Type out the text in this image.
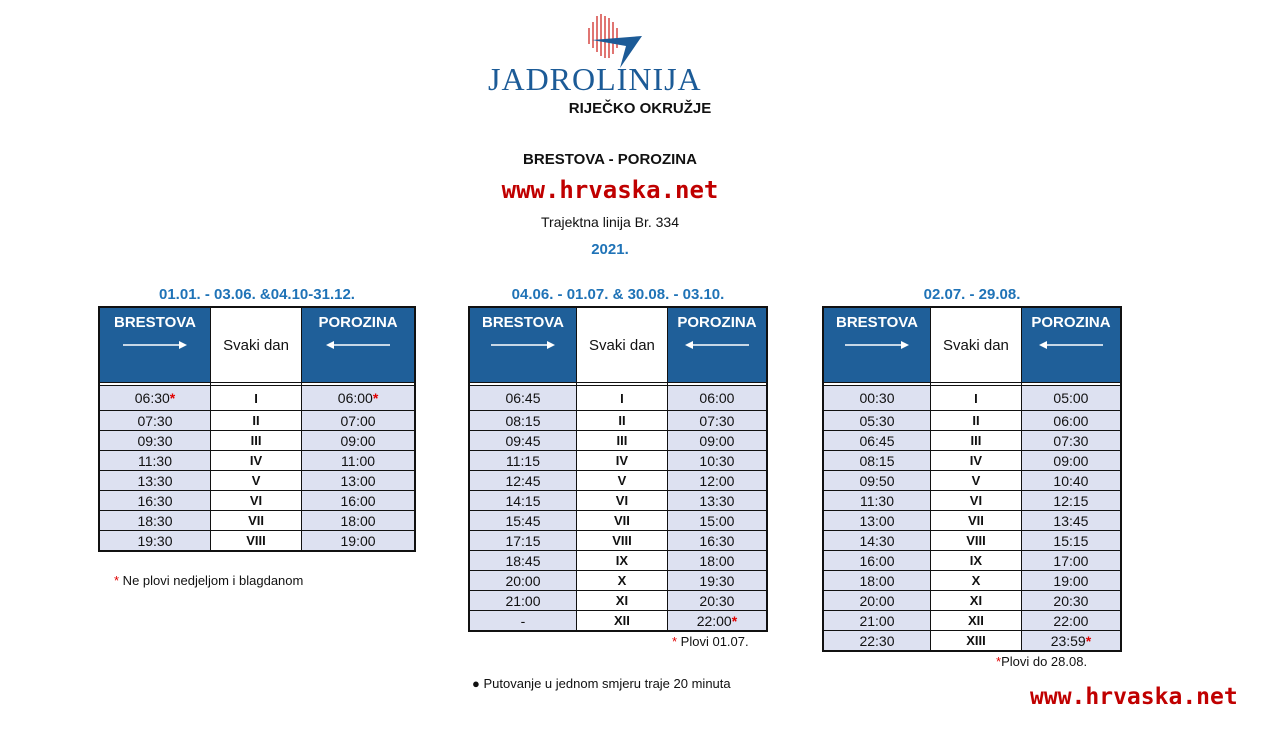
JADROLINIJA
RIJEČKO OKRUŽJE
BRESTOVA - POROZINA
www.hrvaska.net
Trajektna linija Br. 334
2021.
01.01. - 03.06. &04.10-31.12.
BRESTOVA	Svaki dan	POROZINA

06:30*	I	06:00*
07:30	II	07:00
09:30	III	09:00
11:30	IV	11:00
13:30	V	13:00
16:30	VI	16:00
18:30	VII	18:00
19:30	VIII	19:00
* Ne plovi nedjeljom i blagdanom
04.06. - 01.07. & 30.08. - 03.10.
BRESTOVA	Svaki dan	POROZINA

06:45	I	06:00
08:15	II	07:30
09:45	III	09:00
11:15	IV	10:30
12:45	V	12:00
14:15	VI	13:30
15:45	VII	15:00
17:15	VIII	16:30
18:45	IX	18:00
20:00	X	19:30
21:00	XI	20:30
-	XII	22:00*
* Plovi 01.07.
02.07. - 29.08.
BRESTOVA	Svaki dan	POROZINA

00:30	I	05:00
05:30	II	06:00
06:45	III	07:30
08:15	IV	09:00
09:50	V	10:40
11:30	VI	12:15
13:00	VII	13:45
14:30	VIII	15:15
16:00	IX	17:00
18:00	X	19:00
20:00	XI	20:30
21:00	XII	22:00
22:30	XIII	23:59*
*Plovi do 28.08.
● Putovanje u jednom smjeru traje 20 minuta
www.hrvaska.net
